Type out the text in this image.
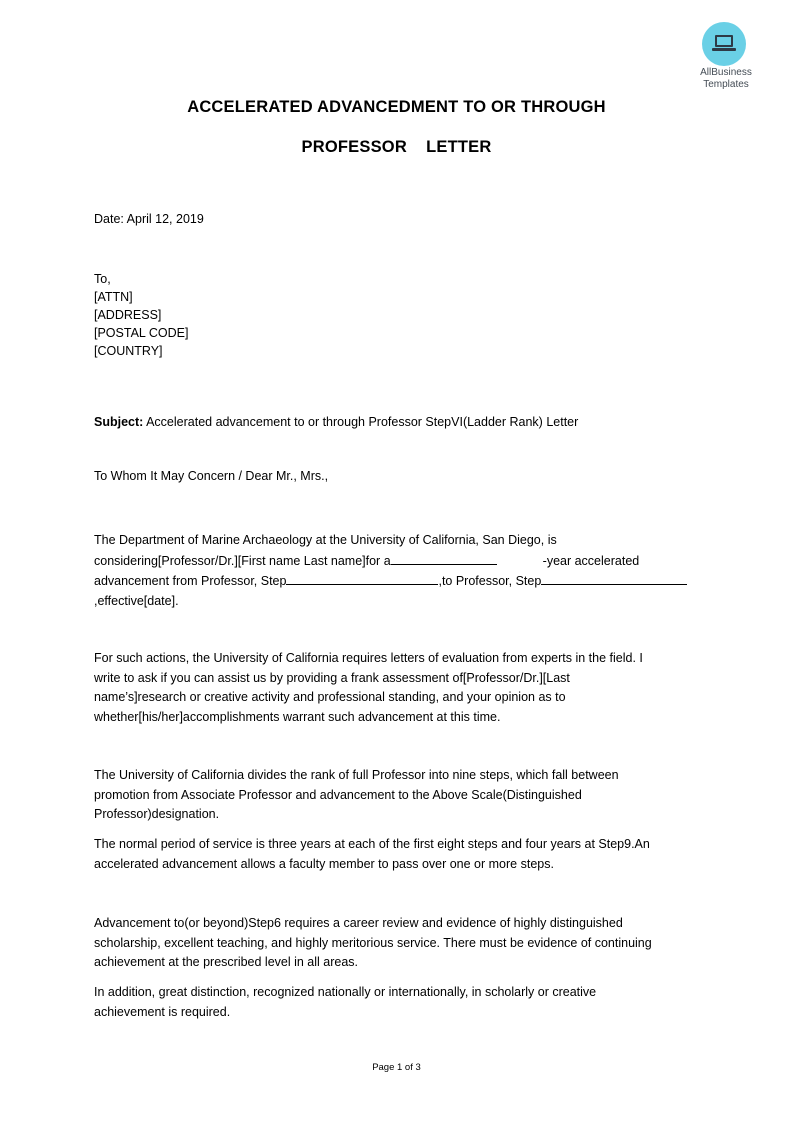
AllBusiness
Templates
ACCELERATED ADVANCEDMENT TO OR THROUGH
PROFESSOR    LETTER
Date: April 12, 2019
To,
[ATTN]
[ADDRESS]
[POSTAL CODE]
[COUNTRY]
Subject: Accelerated advancement to or through Professor StepVI(Ladder Rank) Letter
To Whom It May Concern / Dear Mr., Mrs.,
The Department of Marine Archaeology at the University of California, San Diego, is
considering[Professor/Dr.][First name Last name]for a	-year accelerated
advancement from Professor, Step	,to Professor, Step
,effective[date].
For such actions, the University of California requires letters of evaluation from experts in the field. I
write to ask if you can assist us by providing a frank assessment of[Professor/Dr.][Last
name’s]research or creative activity and professional standing, and your opinion as to
whether[his/her]accomplishments warrant such advancement at this time.
The University of California divides the rank of full Professor into nine steps, which fall between
promotion from Associate Professor and advancement to the Above Scale(Distinguished
Professor)designation.
The normal period of service is three years at each of the first eight steps and four years at Step9.An
accelerated advancement allows a faculty member to pass over one or more steps.
Advancement to(or beyond)Step6 requires a career review and evidence of highly distinguished
scholarship, excellent teaching, and highly meritorious service. There must be evidence of continuing
achievement at the prescribed level in all areas.
In addition, great distinction, recognized nationally or internationally, in scholarly or creative
achievement is required.
Page 1 of 3
